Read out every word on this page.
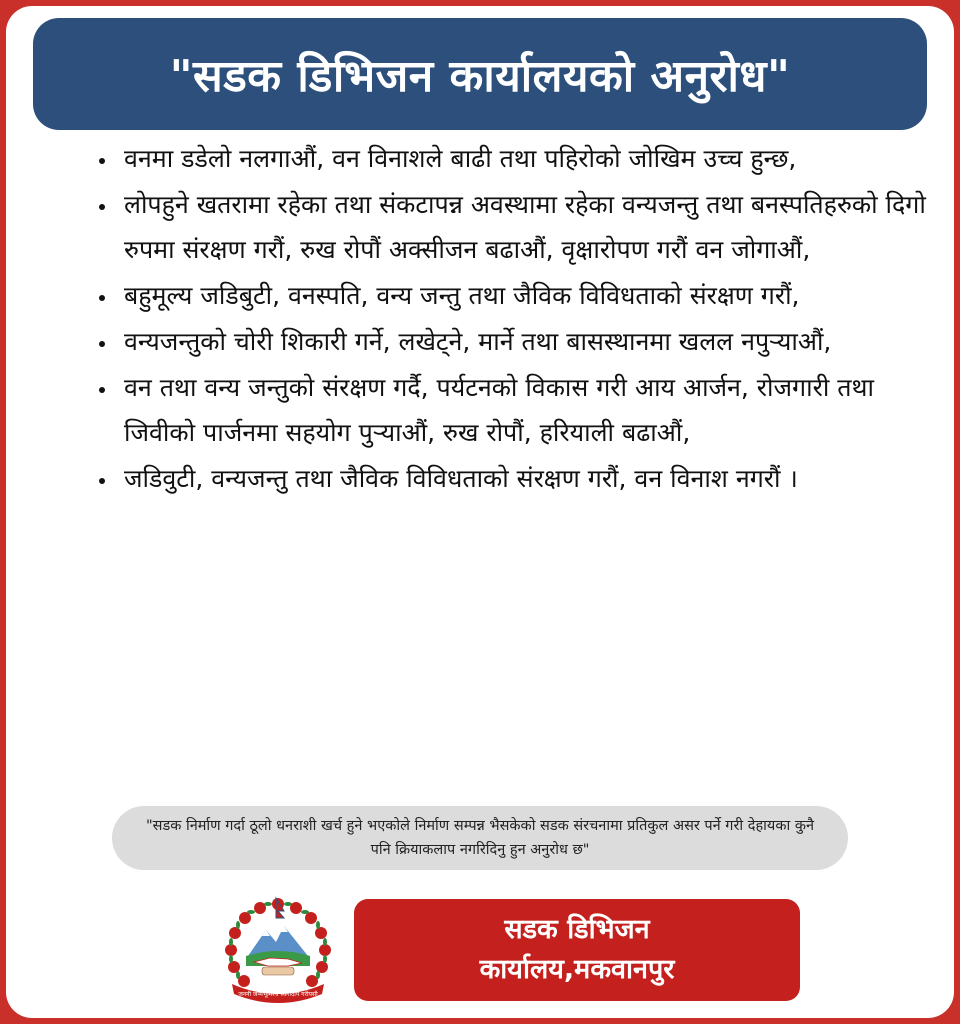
"सडक डिभिजन कार्यालयको अनुरोध"
• वनमा डडेलो नलगाऔं, वन विनाशले बाढी तथा पहिरोको जोखिम उच्च हुन्छ,
• लोपहुने खतरामा रहेका तथा संकटापन्न अवस्थामा रहेका वन्यजन्तु तथा बनस्पतिहरुको दिगो रुपमा संरक्षण गरौं, रुख रोपौं अक्सीजन बढाऔं, वृक्षारोपण गरौं वन जोगाऔं,
• बहुमूल्य जडिबुटी, वनस्पति, वन्य जन्तु तथा जैविक विविधताको संरक्षण गरौं,
• वन्यजन्तुको चोरी शिकारी गर्ने, लखेट्ने, मार्ने तथा बासस्थानमा खलल नपुऱ्याऔं,
• वन तथा वन्य जन्तुको संरक्षण गर्दै, पर्यटनको विकास गरी आय आर्जन, रोजगारी तथा जिवीको पार्जनमा सहयोग पुऱ्याऔं, रुख रोपौं, हरियाली बढाऔं,
• जडिवुटी, वन्यजन्तु तथा जैविक विविधताको संरक्षण गरौं, वन विनाश नगरौं ।
"सडक निर्माण गर्दा ठूलो धनराशी खर्च हुने भएकोले निर्माण सम्पन्न भैसकेको सडक संरचनामा प्रतिकुल असर पर्ने गरी देहायका कुनै पनि क्रियाकलाप नगरिदिनु हुन अनुरोध छ"
जननी जन्मभूमिश्च स्वर्गादपि गरीयसी
सडक डिभिजन
कार्यालय,मकवानपुर
